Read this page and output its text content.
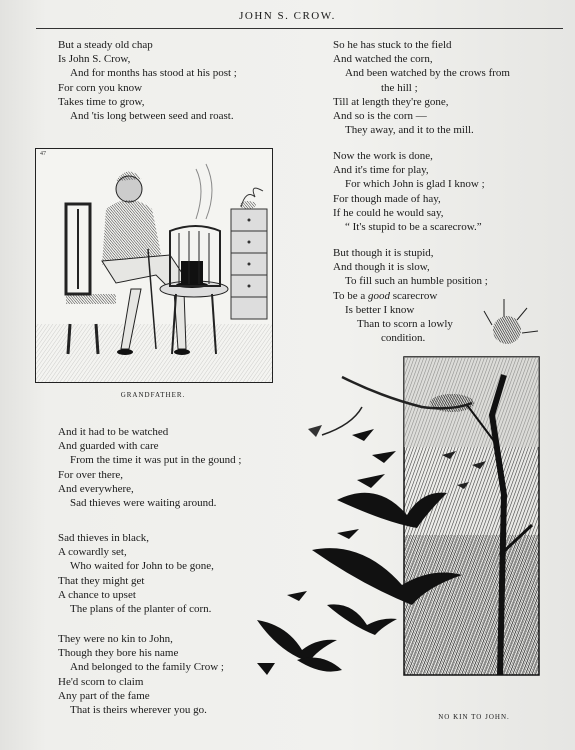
JOHN S. CROW.
But a steady old chap
Is John S. Crow,
And for months has stood at his post ;
For corn you know
Takes time to grow,
And 'tis long between seed and roast.
47
GRANDFATHER.
And it had to be watched
And guarded with care
From the time it was put in the gound ;
For over there,
And everywhere,
Sad thieves were waiting around.
Sad thieves in black,
A cowardly set,
Who waited for John to be gone,
That they might get
A chance to upset
The plans of the planter of corn.
They were no kin to John,
Though they bore his name
And belonged to the family Crow ;
He'd scorn to claim
Any part of the fame
That is theirs wherever you go.
So he has stuck to the field
And watched the corn,
And been watched by the crows from
the hill ;
Till at length they're gone,
And so is the corn —
They away, and it to the mill.
Now the work is done,
And it's time for play,
For which John is glad I know ;
For though made of hay,
If he could he would say,
“ It's stupid to be a scarecrow.”
But though it is stupid,
And though it is slow,
To fill such an humble position ;
To be a good scarecrow
Is better I know
Than to scorn a lowly
condition.
NO KIN TO JOHN.
